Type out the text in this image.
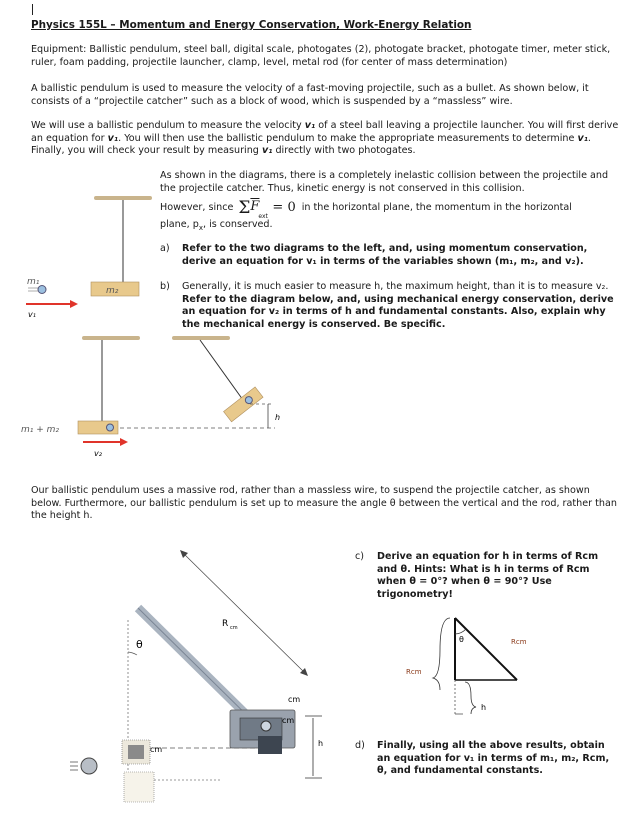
Physics 155L – Momentum and Energy Conservation, Work-Energy Relation
Equipment: Ballistic pendulum, steel ball, digital scale, photogates (2), photogate bracket, photogate timer, meter stick, ruler, foam padding, projectile launcher, clamp, level, metal rod (for center of mass determination)
A ballistic pendulum is used to measure the velocity of a fast-moving projectile, such as a bullet. As shown below, it consists of a “projectile catcher” such as a block of wood, which is suspended by a “massless” wire.
We will use a ballistic pendulum to measure the velocity v₁ of a steel ball leaving a projectile launcher. You will first derive an equation for v₁. You will then use the ballistic pendulum to make the appropriate measurements to determine v₁. Finally, you will check your result by measuring v₁ directly with two photogates.
As shown in the diagrams, there is a completely inelastic collision between the projectile and the projectile catcher. Thus, kinetic energy is not conserved in this collision.
However, since Σ $\overline{F}$
ext
= 0 in the horizontal plane, the momentum in the horizontal
plane, $p_x$, is conserved.
a)	Refer to the two diagrams to the left, and, using momentum conservation, derive an equation for v₁ in terms of the variables shown (m₁, m₂, and v₂).
b)	Generally, it is much easier to measure h, the maximum height, than it is to measure v₂. Refer to the diagram below, and, using mechanical energy conservation, derive an equation for v₂ in terms of h and fundamental constants. Also, explain why the mechanical energy is conserved. Be specific.
Our ballistic pendulum uses a massive rod, rather than a massless wire, to suspend the projectile catcher, as shown below. Furthermore, our ballistic pendulum is set up to measure the angle θ between the vertical and the rod, rather than the height h.
c)	Derive an equation for h in terms of Rcm and θ. Hints: What is h in terms of Rcm when θ = 0°? when θ = 90°? Use trigonometry!
d)	Finally, using all the above results, obtain an equation for v₁ in terms of m₁, m₂, Rcm, θ, and fundamental constants.
m₂
m₁
v₁
h
m₁ + m₂
v₂
θ
R cm
cm
cm
h
cm
θ	Rcm
Rcm
h
